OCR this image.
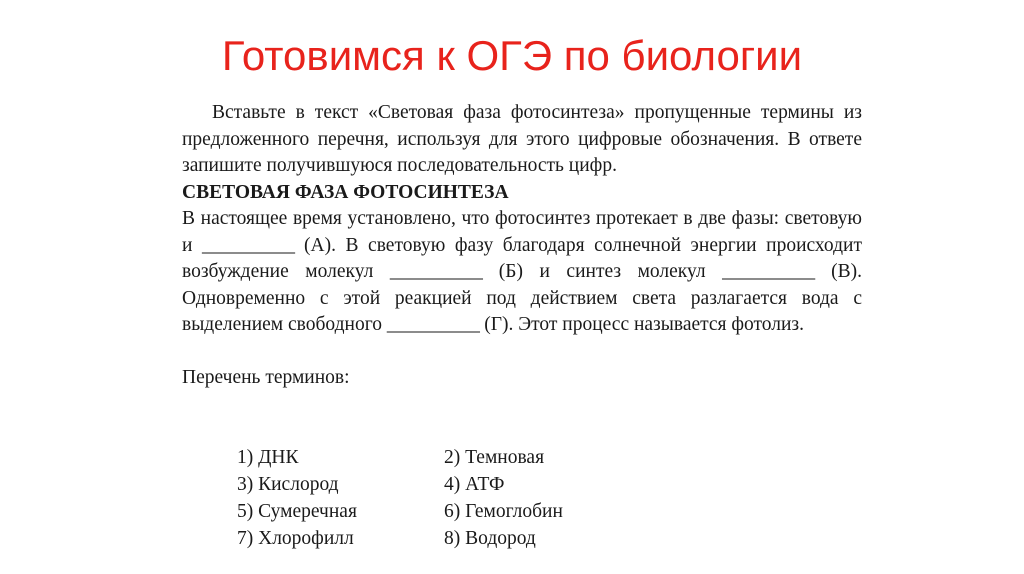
Готовимся к ОГЭ по биологии

Вставьте в текст «Световая фаза фотосинтеза» пропущенные термины из предложенного перечня, используя для этого цифровые обозначения. В ответе запишите получившуюся последовательность цифр.

СВЕТОВАЯ ФАЗА ФОТОСИНТЕЗА

В настоящее время установлено, что фотосинтез протекает в две фазы: световую и __________ (А). В световую фазу благодаря солнечной энергии происходит возбуждение молекул __________ (Б) и синтез молекул __________ (В). Одновременно с этой реакцией под действием света разлагается вода с выделением свободного __________ (Г). Этот процесс называется фотолиз.

Перечень терминов:

1) ДНК	2) Темновая
3) Кислород	4) АТФ
5) Сумеречная	6) Гемоглобин
7) Хлорофилл	8) Водород
